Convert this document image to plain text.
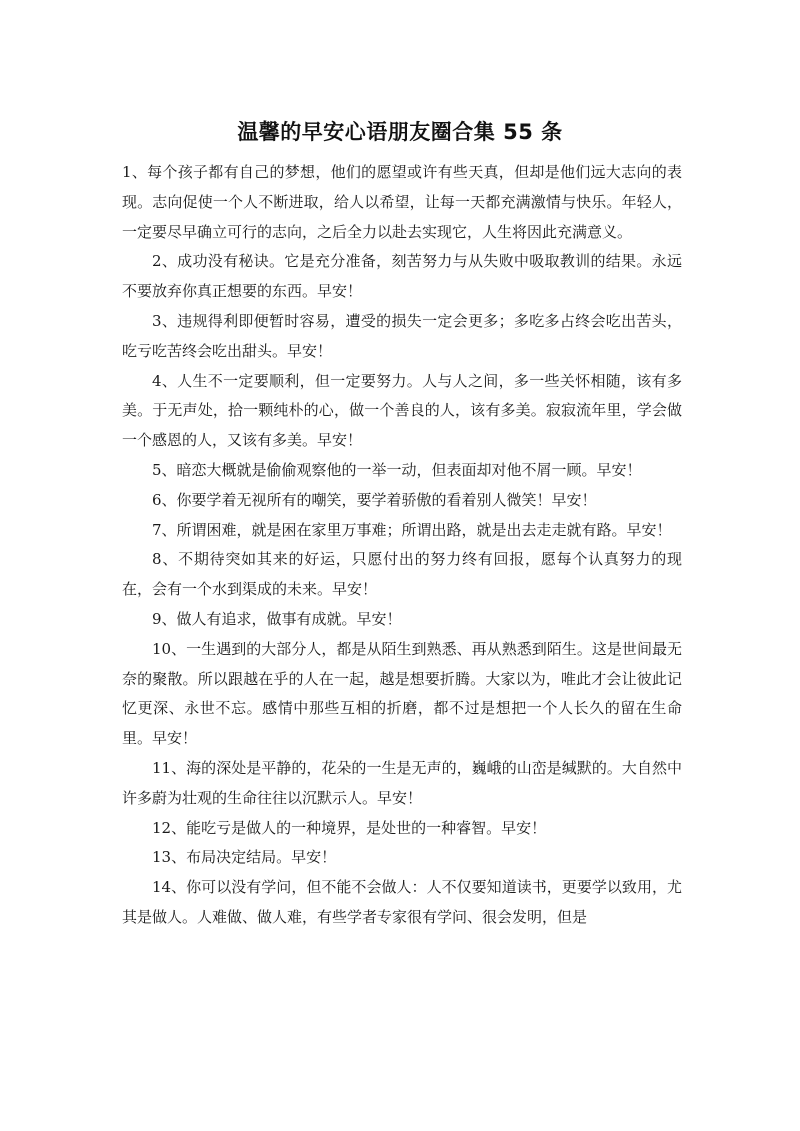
温馨的早安心语朋友圈合集 55 条

1、每个孩子都有自己的梦想，他们的愿望或许有些天真，但却是他们远大志向的表现。志向促使一个人不断进取，给人以希望，让每一天都充满激情与快乐。年轻人，一定要尽早确立可行的志向，之后全力以赴去实现它，人生将因此充满意义。

2、成功没有秘诀。它是充分准备，刻苦努力与从失败中吸取教训的结果。永远不要放弃你真正想要的东西。早安！

3、违规得利即便暂时容易，遭受的损失一定会更多；多吃多占终会吃出苦头，吃亏吃苦终会吃出甜头。早安！

4、人生不一定要顺利，但一定要努力。人与人之间，多一些关怀相随，该有多美。于无声处，拾一颗纯朴的心，做一个善良的人，该有多美。寂寂流年里，学会做一个感恩的人，又该有多美。早安！

5、暗恋大概就是偷偷观察他的一举一动，但表面却对他不屑一顾。早安！

6、你要学着无视所有的嘲笑，要学着骄傲的看着别人微笑！早安！

7、所谓困难，就是困在家里万事难；所谓出路，就是出去走走就有路。早安！

8、不期待突如其来的好运，只愿付出的努力终有回报，愿每个认真努力的现在，会有一个水到渠成的未来。早安！

9、做人有追求，做事有成就。早安！

10、一生遇到的大部分人，都是从陌生到熟悉、再从熟悉到陌生。这是世间最无奈的聚散。所以跟越在乎的人在一起，越是想要折腾。大家以为，唯此才会让彼此记忆更深、永世不忘。感情中那些互相的折磨，都不过是想把一个人长久的留在生命里。早安！

11、海的深处是平静的，花朵的一生是无声的，巍峨的山峦是缄默的。大自然中许多蔚为壮观的生命往往以沉默示人。早安！

12、能吃亏是做人的一种境界，是处世的一种睿智。早安！

13、布局决定结局。早安！

14、你可以没有学问，但不能不会做人：人不仅要知道读书，更要学以致用，尤其是做人。人难做、做人难，有些学者专家很有学问、很会发明，但是
